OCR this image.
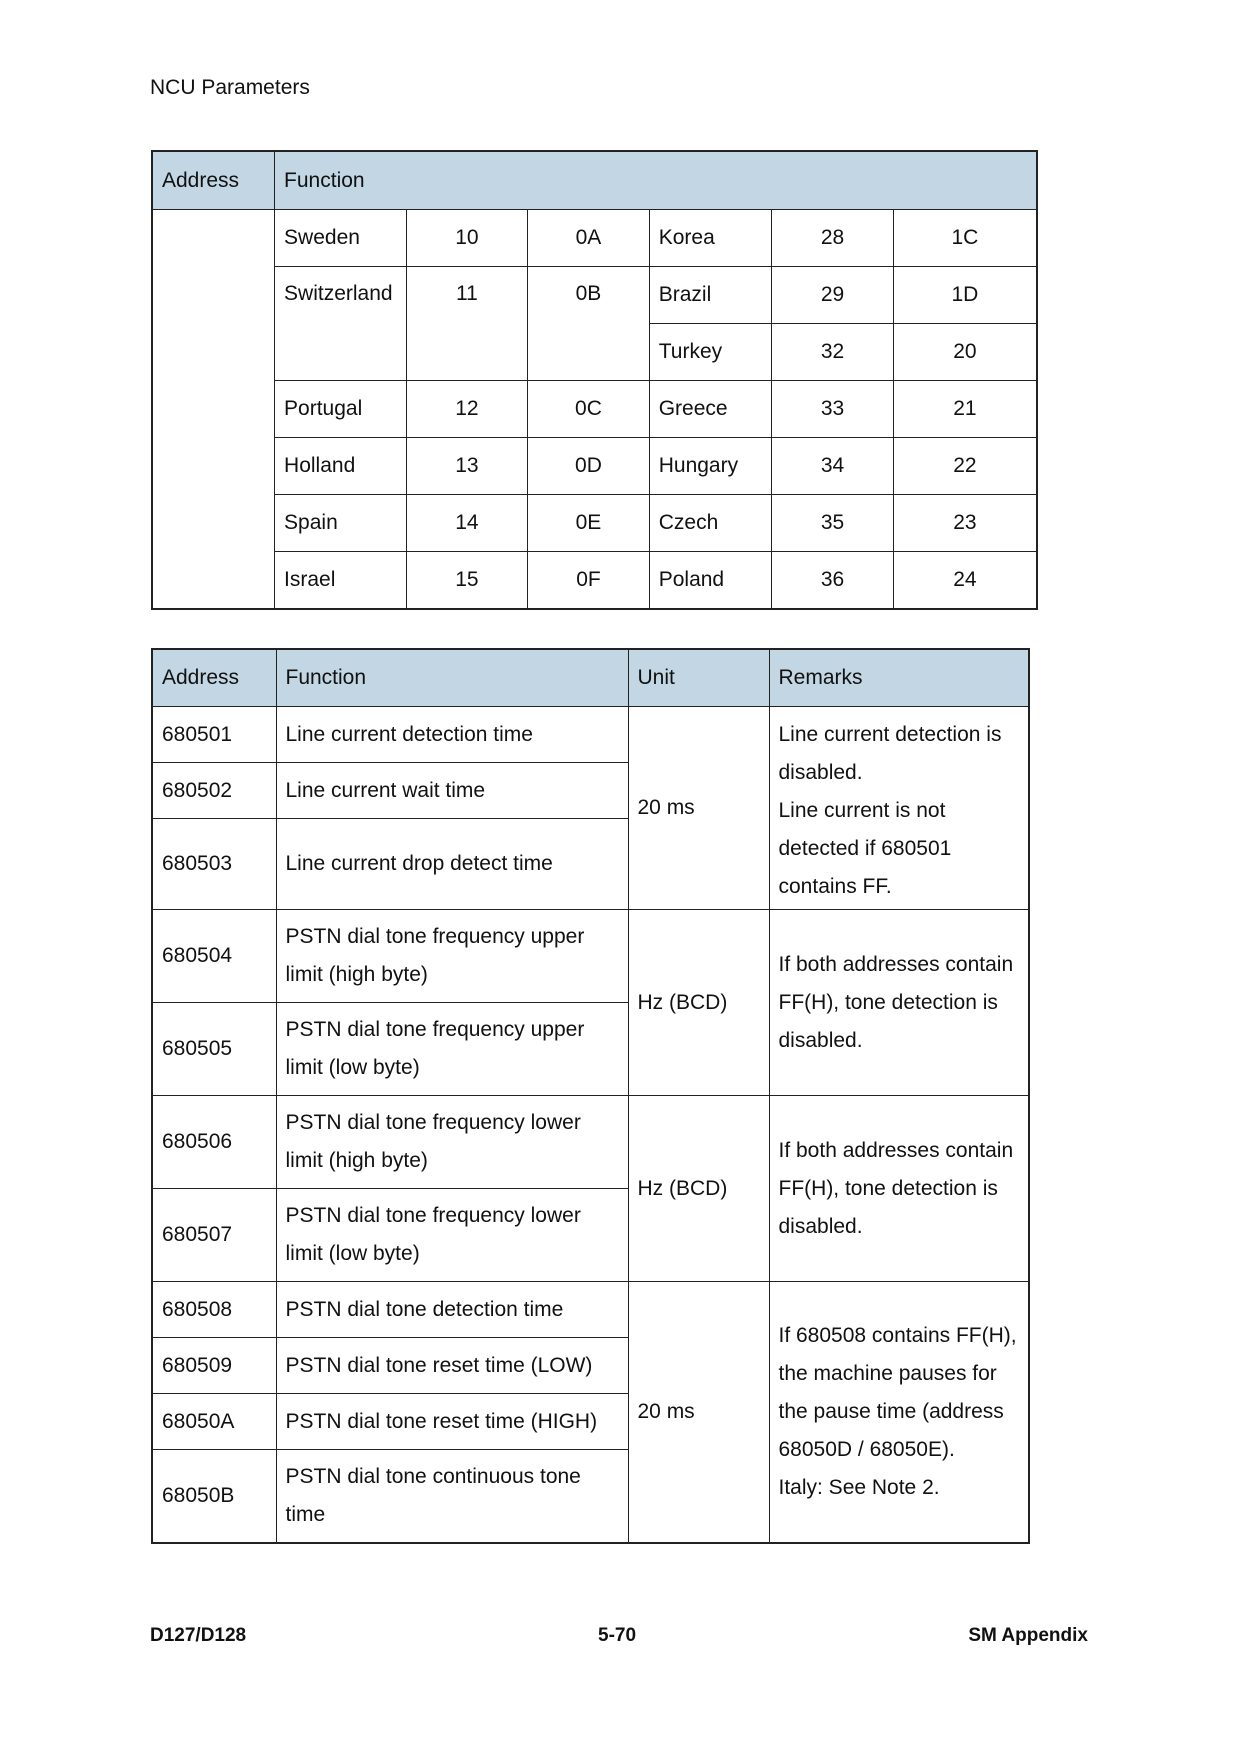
NCU Parameters
Address	Function					
	Sweden	10	0A	Korea	28	1C
	Switzerland	11	0B	Brazil	29	1D
				Turkey	32	20
	Portugal	12	0C	Greece	33	21
	Holland	13	0D	Hungary	34	22
	Spain	14	0E	Czech	35	23
	Israel	15	0F	Poland	36	24
Address	Function	Unit	Remarks
680501	Line current detection time	20 ms	Line current detection is disabled.
Line current is not detected if 680501 contains FF.

680502	Line current wait time		
680503	Line current drop detect time		
680504	PSTN dial tone frequency upper limit (high byte)	Hz (BCD)	If both addresses contain FF(H), tone detection is disabled.

680505	PSTN dial tone frequency upper limit (low byte)		
680506	PSTN dial tone frequency lower limit (high byte)	Hz (BCD)	If both addresses contain FF(H), tone detection is disabled.

680507	PSTN dial tone frequency lower limit (low byte)		
680508	PSTN dial tone detection time	20 ms	If 680508 contains FF(H), the machine pauses for the pause time (address 68050D / 68050E).
Italy: See Note 2.

680509	PSTN dial tone reset time (LOW)		
68050A	PSTN dial tone reset time (HIGH)		
68050B	PSTN dial tone continuous tone time		
D127/D128	5-70	SM Appendix
